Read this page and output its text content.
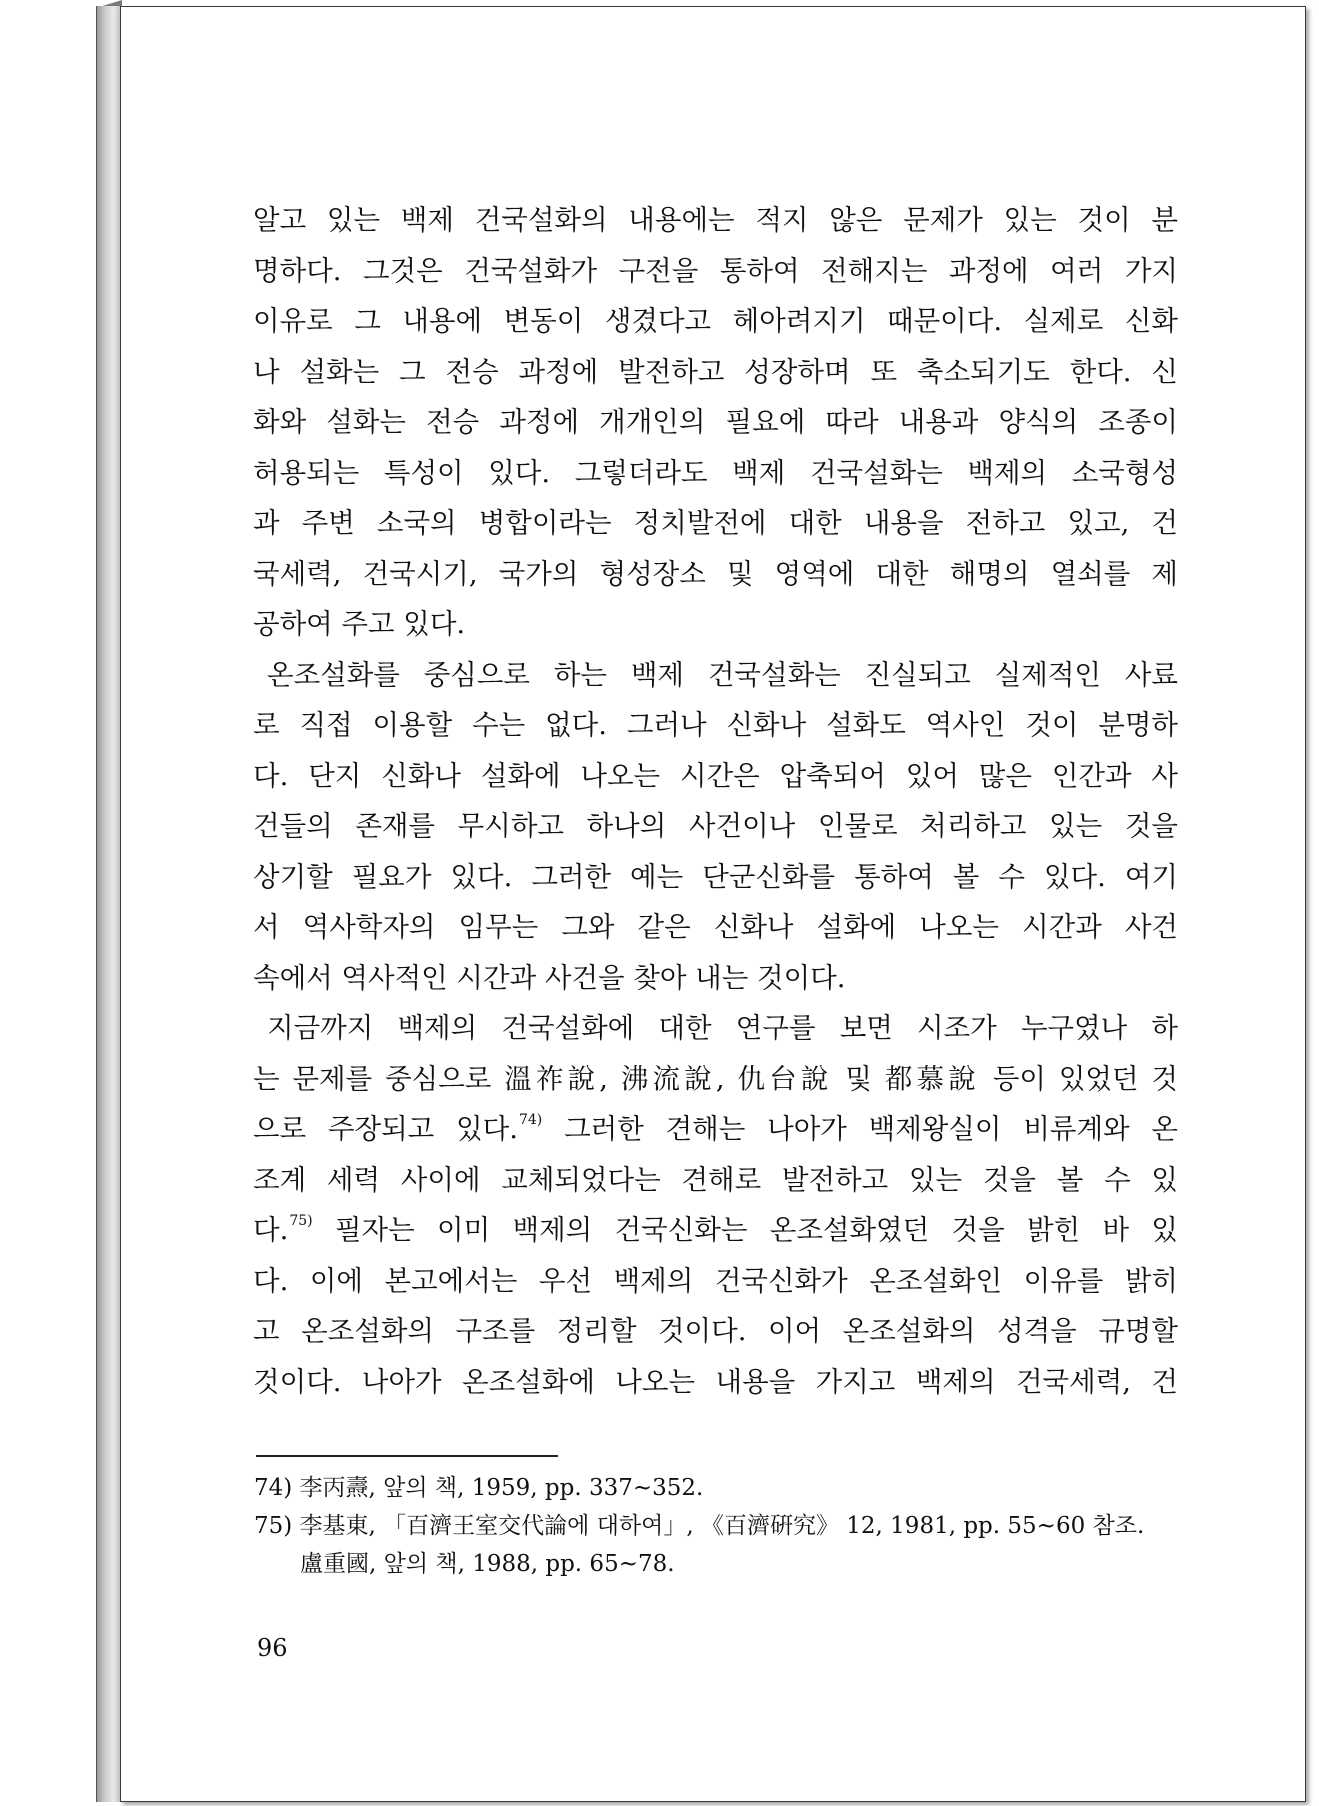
알고 있는 백제 건국설화의 내용에는 적지 않은 문제가 있는 것이 분
명하다. 그것은 건국설화가 구전을 통하여 전해지는 과정에 여러 가지
이유로 그 내용에 변동이 생겼다고 헤아려지기 때문이다. 실제로 신화
나 설화는 그 전승 과정에 발전하고 성장하며 또 축소되기도 한다. 신
화와 설화는 전승 과정에 개개인의 필요에 따라 내용과 양식의 조종이
허용되는 특성이 있다. 그렇더라도 백제 건국설화는 백제의 소국형성
과 주변 소국의 병합이라는 정치발전에 대한 내용을 전하고 있고, 건
국세력, 건국시기, 국가의 형성장소 및 영역에 대한 해명의 열쇠를 제
공하여 주고 있다.
온조설화를 중심으로 하는 백제 건국설화는 진실되고 실제적인 사료
로 직접 이용할 수는 없다. 그러나 신화나 설화도 역사인 것이 분명하
다. 단지 신화나 설화에 나오는 시간은 압축되어 있어 많은 인간과 사
건들의 존재를 무시하고 하나의 사건이나 인물로 처리하고 있는 것을
상기할 필요가 있다. 그러한 예는 단군신화를 통하여 볼 수 있다. 여기
서 역사학자의 임무는 그와 같은 신화나 설화에 나오는 시간과 사건
속에서 역사적인 시간과 사건을 찾아 내는 것이다.
지금까지 백제의 건국설화에 대한 연구를 보면 시조가 누구였나 하
는 문제를 중심으로 溫祚說, 沸流說, 仇台說 및 都慕說 등이 있었던 것
으로 주장되고 있다.$^{74)}$ 그러한 견해는 나아가 백제왕실이 비류계와 온
조계 세력 사이에 교체되었다는 견해로 발전하고 있는 것을 볼 수 있
다.$^{75)}$ 필자는 이미 백제의 건국신화는 온조설화였던 것을 밝힌 바 있
다. 이에 본고에서는 우선 백제의 건국신화가 온조설화인 이유를 밝히
고 온조설화의 구조를 정리할 것이다. 이어 온조설화의 성격을 규명할
것이다. 나아가 온조설화에 나오는 내용을 가지고 백제의 건국세력, 건
74) 李丙燾, 앞의 책, 1959, pp. 337~352.
75) 李基東, 「百濟王室交代論에 대하여」, 《百濟硏究》 12, 1981, pp. 55~60 참조.
盧重國, 앞의 책, 1988, pp. 65~78.
96
